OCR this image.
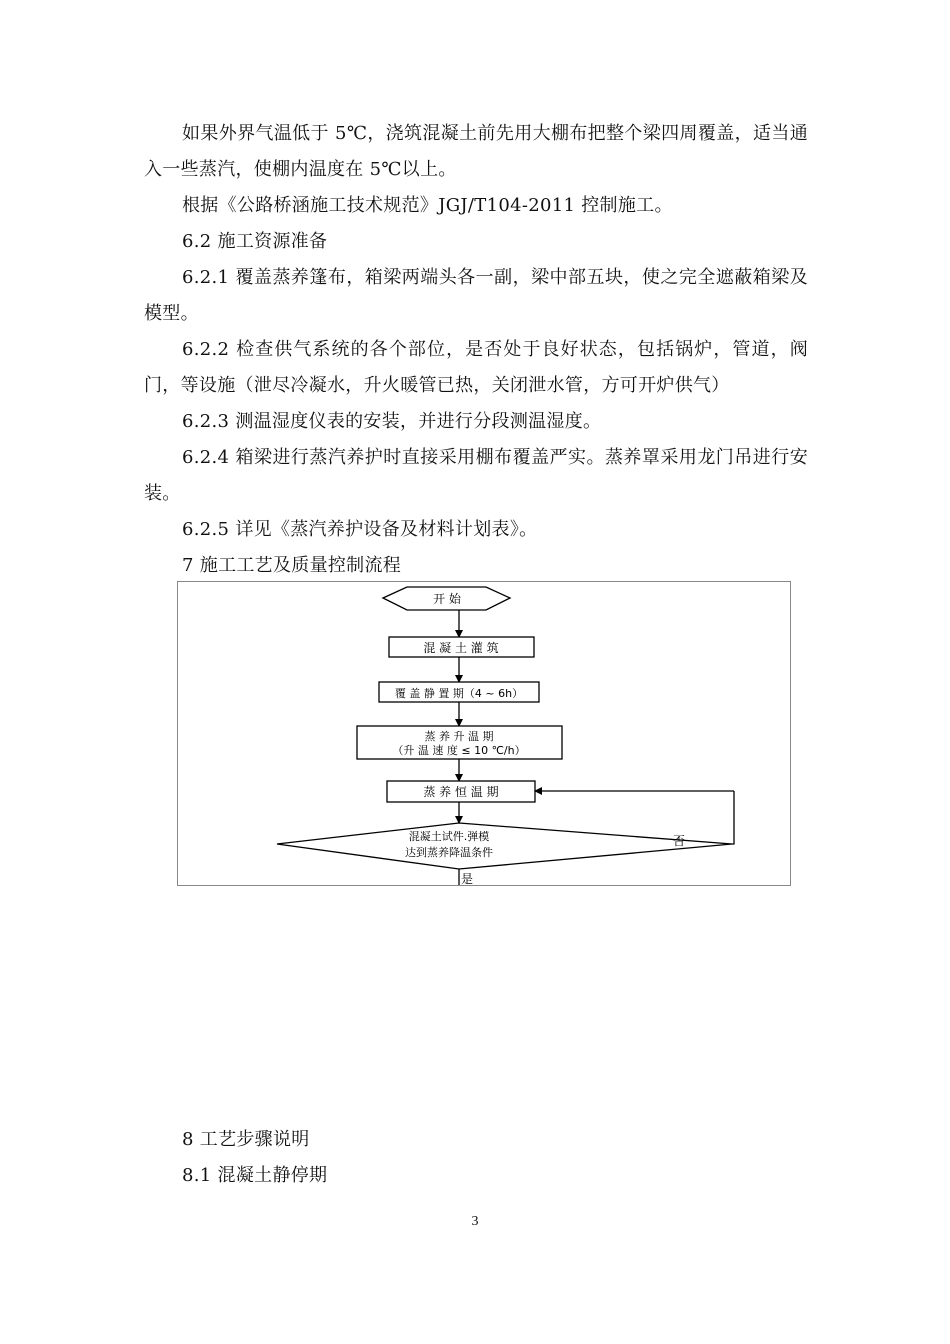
如果外界气温低于 5℃，浇筑混凝土前先用大棚布把整个梁四周覆盖，适当通入一些蒸汽，使棚内温度在 5℃以上。

根据《公路桥涵施工技术规范》JGJ/T104-2011 控制施工。
6.2 施工资源准备

6.2.1 覆盖蒸养篷布，箱梁两端头各一副，梁中部五块，使之完全遮蔽箱梁及模型。

6.2.2 检查供气系统的各个部位，是否处于良好状态，包括锅炉，管道，阀门，等设施（泄尽冷凝水，升火暖管已热，关闭泄水管，方可开炉供气）

6.2.3 测温湿度仪表的安装，并进行分段测温湿度。

6.2.4 箱梁进行蒸汽养护时直接采用棚布覆盖严实。蒸养罩采用龙门吊进行安装。

6.2.5 详见《蒸汽养护设备及材料计划表》。
7 施工工艺及质量控制流程
开 始
混 凝 土 灌 筑
覆 盖 静 置 期（4 ~ 6h）
蒸 养 升 温 期
（升 温 速 度 ≤ 10 ℃/h）
蒸 养 恒 温 期
混凝土试件.弹模
达到蒸养降温条件
否
是
8 工艺步骤说明
8.1 混凝土静停期
3
